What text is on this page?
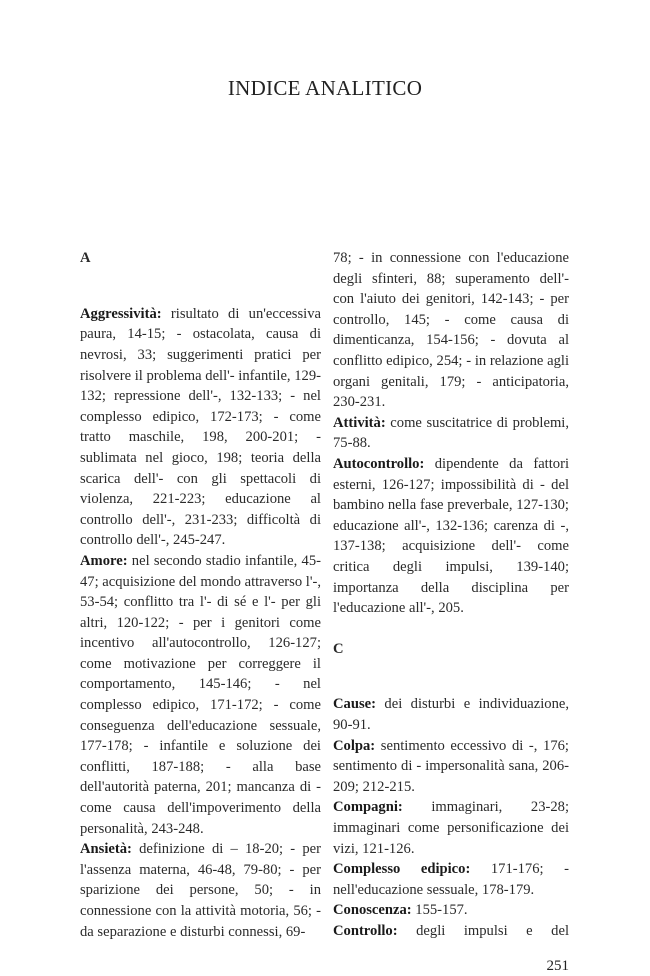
INDICE ANALITICO
A

Aggressività: risultato di un'eccessiva paura, 14-15; - ostacolata, causa di nevrosi, 33; suggerimenti pratici per risolvere il problema dell'- infantile, 129-132; repressione dell'-, 132-133; - nel complesso edipico, 172-173; - come tratto maschile, 198, 200-201; - sublimata nel gioco, 198; teoria della scarica dell'- con gli spettacoli di violenza, 221-223; educazione al controllo dell'-, 231-233; difficoltà di controllo dell'-, 245-247.

Amore: nel secondo stadio infantile, 45-47; acquisizione del mondo attraverso l'-, 53-54; conflitto tra l'- di sé e l'- per gli altri, 120-122; - per i genitori come incentivo all'autocontrollo, 126-127; come motivazione per correggere il comportamento, 145-146; - nel complesso edipico, 171-172; - come conseguenza dell'educazione sessuale, 177-178; - infantile e soluzione dei conflitti, 187-188; - alla base dell'autorità paterna, 201; mancanza di - come causa dell'impoverimento della personalità, 243-248.

Ansietà: definizione di – 18-20; - per l'assenza materna, 46-48, 79-80; - per sparizione dei persone, 50; - in connessione con la attività motoria, 56; - da separazione e disturbi connessi, 69-

78; - in connessione con l'educazione degli sfinteri, 88; superamento dell'- con l'aiuto dei genitori, 142-143; - per controllo, 145; - come causa di dimenticanza, 154-156; - dovuta al conflitto edipico, 254; - in relazione agli organi genitali, 179; - anticipatoria, 230-231.

Attività: come suscitatrice di problemi, 75-88.

Autocontrollo: dipendente da fattori esterni, 126-127; impossibilità di - del bambino nella fase preverbale, 127-130; educazione all'-, 132-136; carenza di -, 137-138; acquisizione dell'- come critica degli impulsi, 139-140; importanza della disciplina per l'educazione all'-, 205.

C

Cause: dei disturbi e individuazione, 90-91.

Colpa: sentimento eccessivo di -, 176; sentimento di - impersonalità sana, 206-209; 212-215.

Compagni: immaginari, 23-28; immaginari come personificazione dei vizi, 121-126.

Complesso edipico: 171-176; - nell'educazione sessuale, 178-179.

Conoscenza: 155-157.

Controllo: degli impulsi e del

251
